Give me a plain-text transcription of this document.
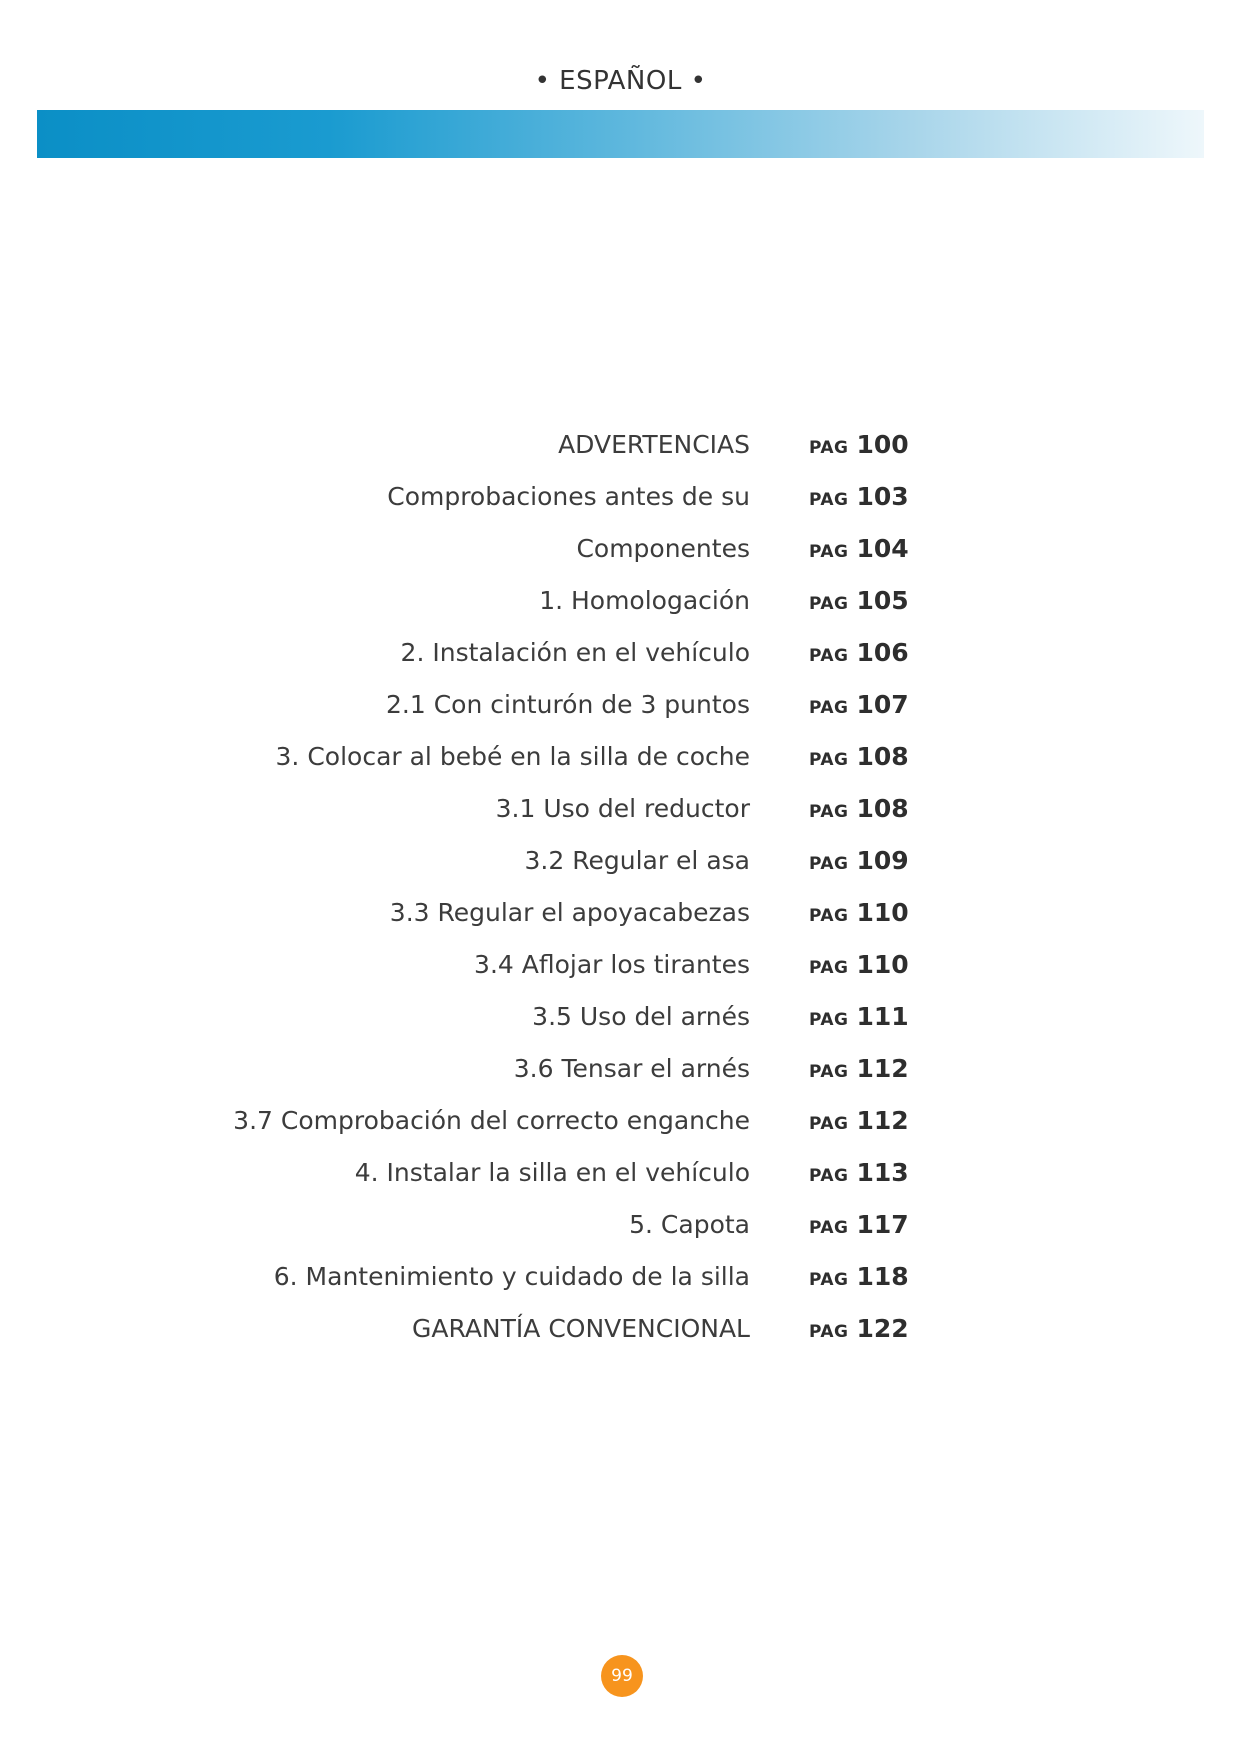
• ESPAÑOL •
ADVERTENCIAS	PAG 100
Comprobaciones antes de su	PAG 103
Componentes	PAG 104
1. Homologación	PAG 105
2. Instalación en el vehículo	PAG 106
2.1 Con cinturón de 3 puntos	PAG 107
3. Colocar al bebé en la silla de coche	PAG 108
3.1 Uso del reductor	PAG 108
3.2 Regular el asa	PAG 109
3.3 Regular el apoyacabezas	PAG 110
3.4 Aflojar los tirantes	PAG 110
3.5 Uso del arnés	PAG 111
3.6 Tensar el arnés	PAG 112
3.7 Comprobación del correcto enganche	PAG 112
4. Instalar la silla en el vehículo	PAG 113
5. Capota	PAG 117
6. Mantenimiento y cuidado de la silla	PAG 118
GARANTÍA CONVENCIONAL	PAG 122
99
